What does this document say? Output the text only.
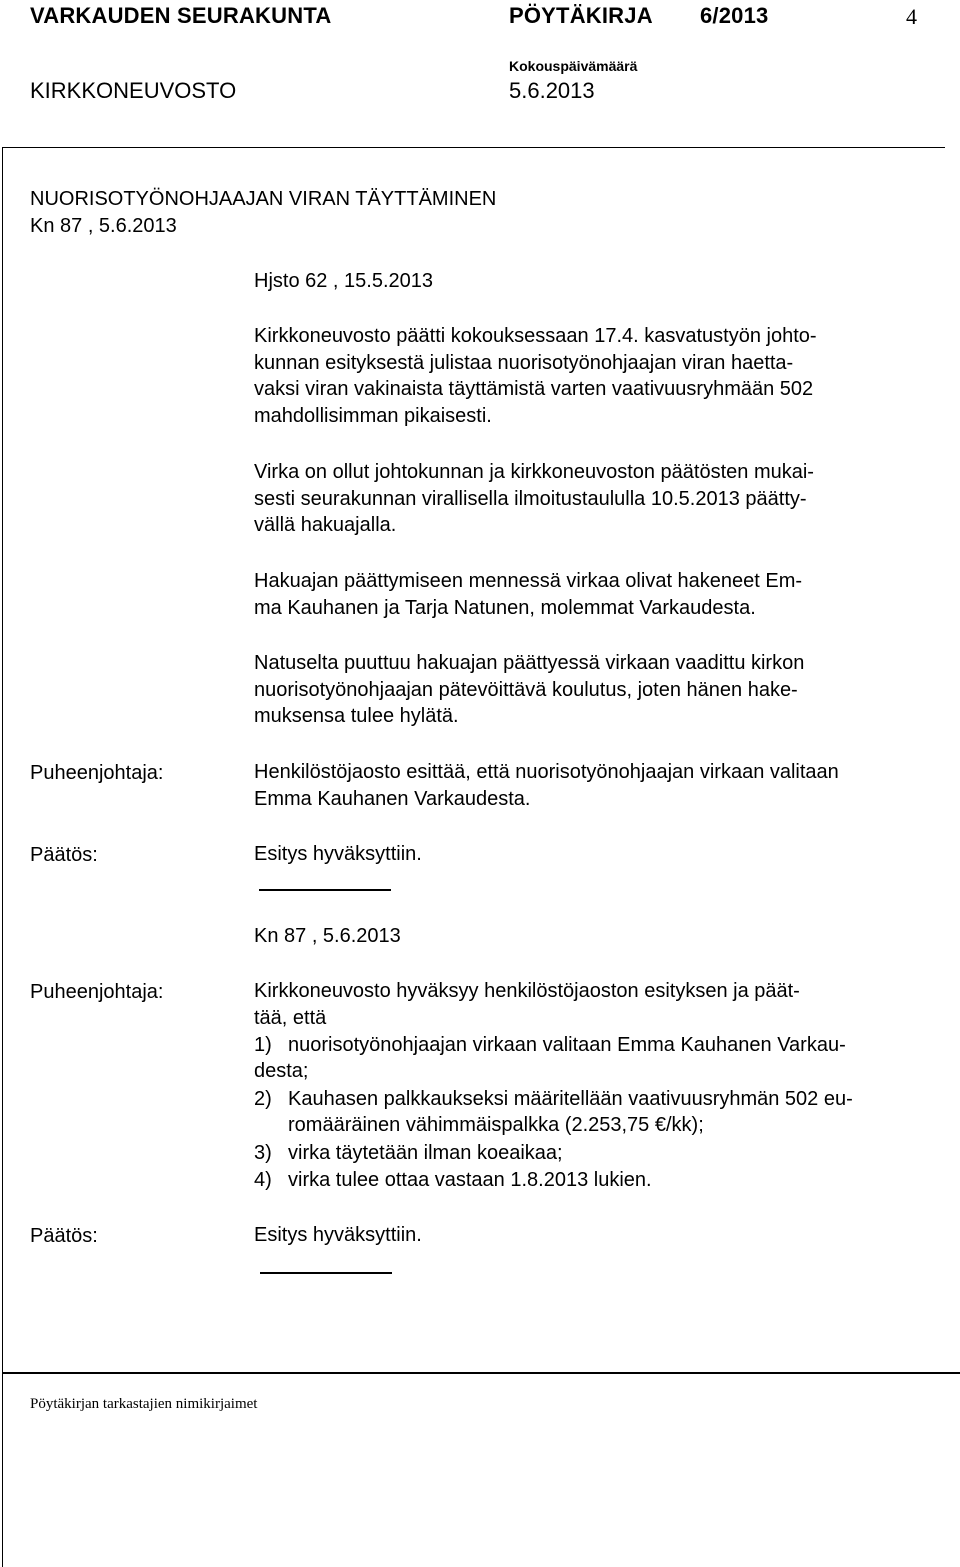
VARKAUDEN SEURAKUNTA	PÖYTÄKIRJA 6/2013	4
KIRKKONEUVOSTO
Kokouspäivämäärä
5.6.2013
NUORISOTYÖNOHJAAJAN VIRAN TÄYTTÄMINEN
Kn 87 , 5.6.2013
Hjsto 62 , 15.5.2013
Kirkkoneuvosto päätti kokouksessaan 17.4. kasvatustyön johto-
kunnan esityksestä julistaa nuorisotyönohjaajan viran haetta-
vaksi viran vakinaista täyttämistä varten vaativuusryhmään 502
mahdollisimman pikaisesti.
Virka on ollut johtokunnan ja kirkkoneuvoston päätösten mukai-
sesti seurakunnan virallisella ilmoitustaululla 10.5.2013 päätty-
vällä hakuajalla.
Hakuajan päättymiseen mennessä virkaa olivat hakeneet Em-
ma Kauhanen ja Tarja Natunen, molemmat Varkaudesta.
Natuselta puuttuu hakuajan päättyessä virkaan vaadittu kirkon
nuorisotyönohjaajan pätevöittävä koulutus, joten hänen hake-
muksensa tulee hylätä.
Puheenjohtaja:	Henkilöstöjaosto esittää, että nuorisotyönohjaajan virkaan valitaan
Emma Kauhanen Varkaudesta.
Päätös:	Esitys hyväksyttiin.
Kn 87 , 5.6.2013
Puheenjohtaja:	Kirkkoneuvosto hyväksyy henkilöstöjaoston esityksen ja päät-
tää, että
1) nuorisotyönohjaajan virkaan valitaan Emma Kauhanen Varkau-
desta;
2) Kauhasen palkkaukseksi määritellään vaativuusryhmän 502 eu-
romääräinen vähimmäispalkka (2.253,75 €/kk);
3) virka täytetään ilman koeaikaa;
4) virka tulee ottaa vastaan 1.8.2013 lukien.
Päätös:	Esitys hyväksyttiin.
Pöytäkirjan tarkastajien nimikirjaimet
